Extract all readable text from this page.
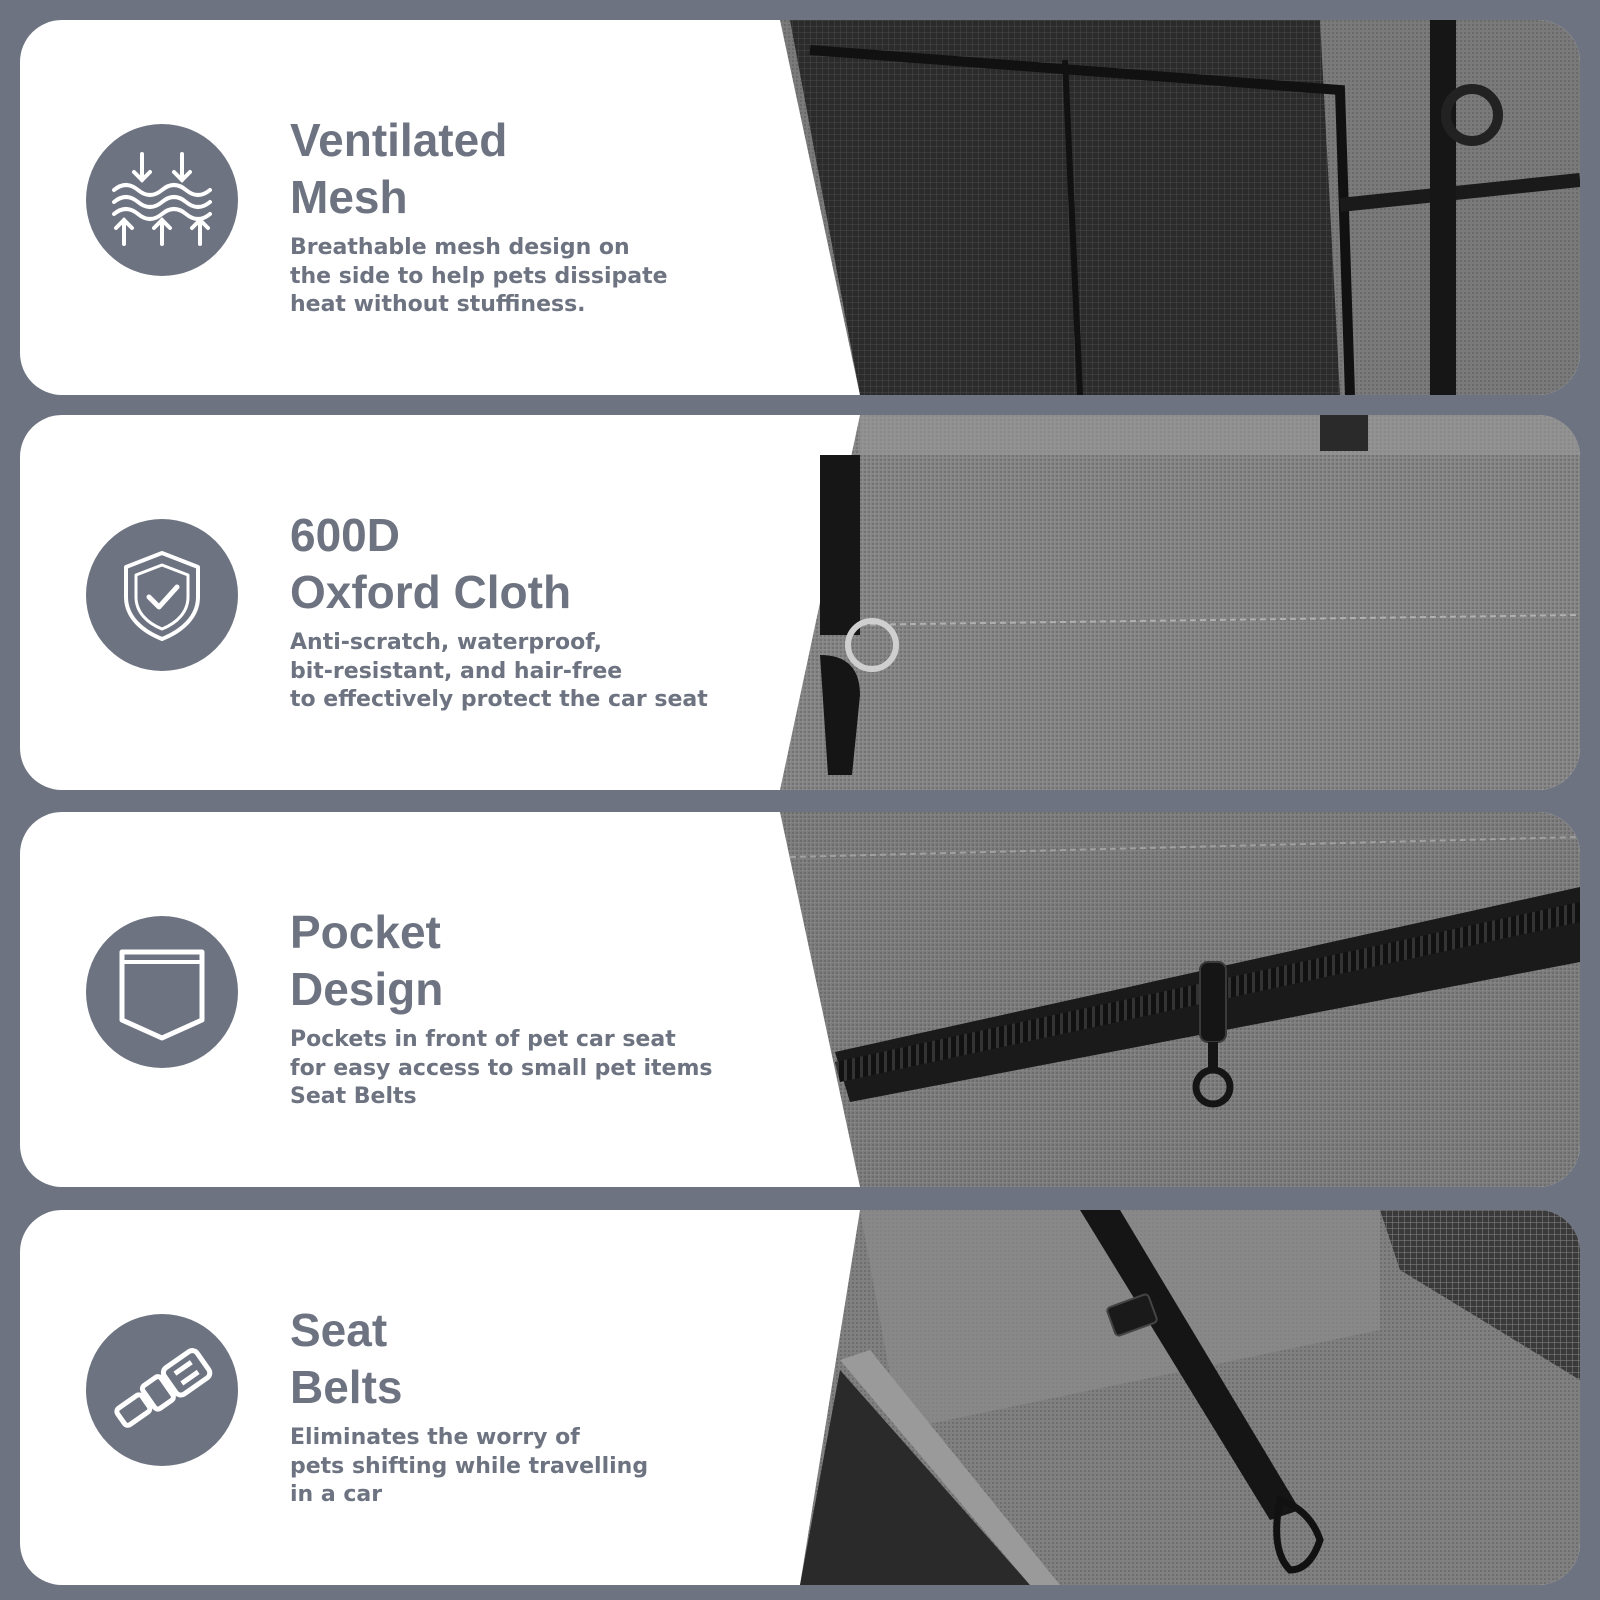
Ventilated
Mesh
Breathable mesh design on
the side to help pets dissipate
heat without stuffiness.
600D
Oxford Cloth
Anti-scratch, waterproof,
bit-resistant, and hair-free
to effectively protect the car seat
Pocket
Design
Pockets in front of pet car seat
for easy access to small pet items
Seat Belts
Seat
Belts
Eliminates the worry of
pets shifting while travelling
in a car
